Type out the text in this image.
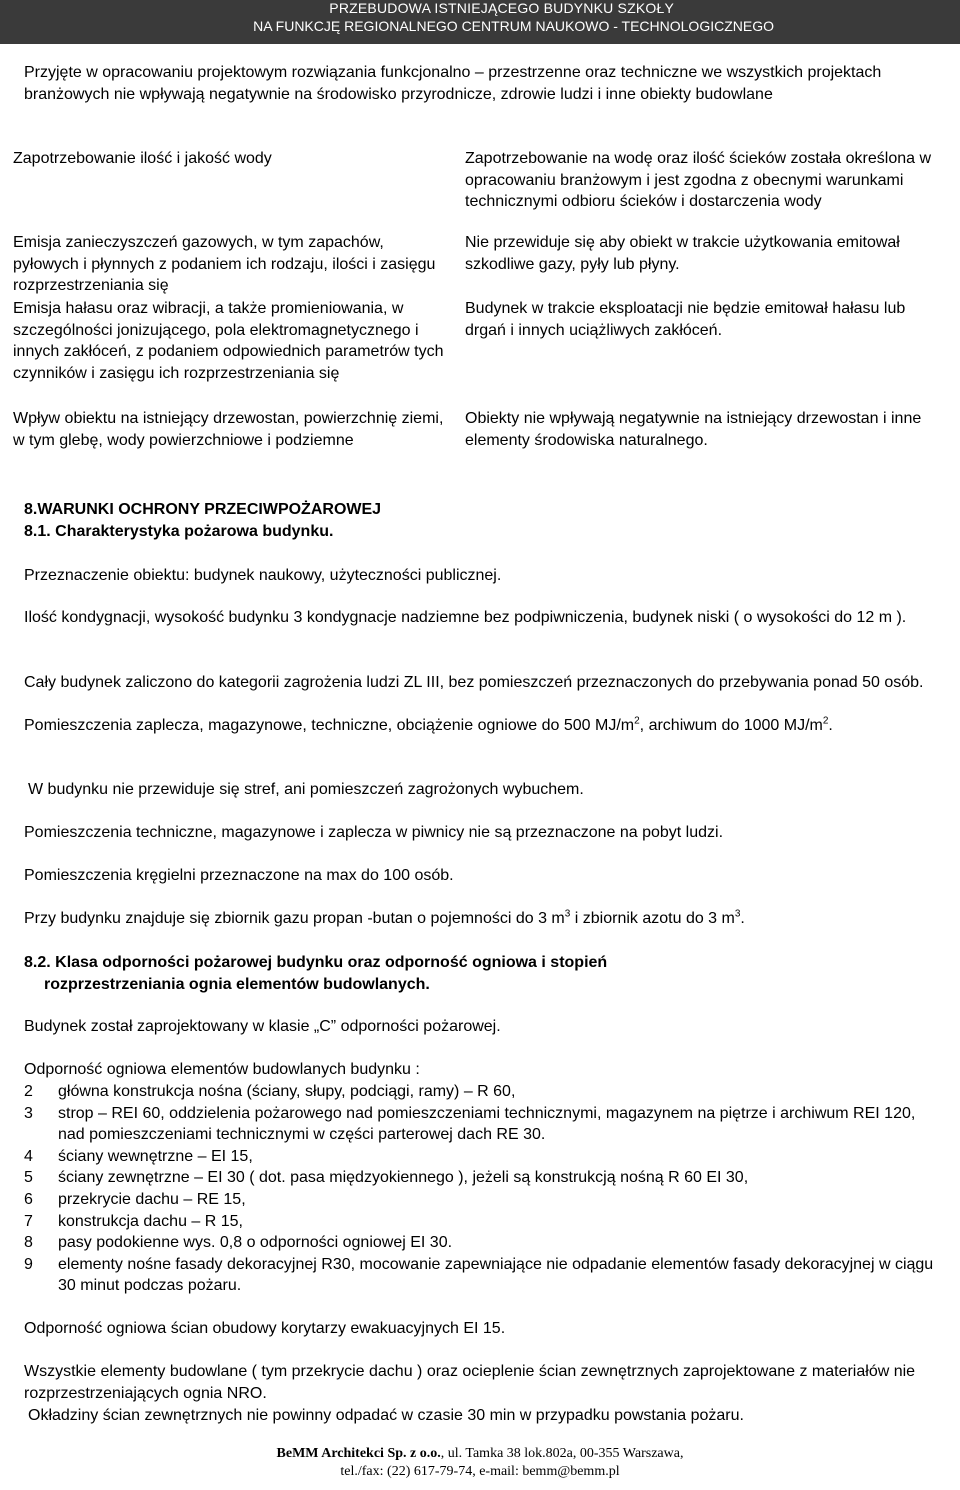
PRZEBUDOWA ISTNIEJĄCEGO BUDYNKU SZKOŁY
NA FUNKCJĘ REGIONALNEGO CENTRUM NAUKOWO - TECHNOLOGICZNEGO

Przyjęte w opracowaniu projektowym rozwiązania funkcjonalno – przestrzenne oraz techniczne we wszystkich projektach branżowych nie wpływają negatywnie na środowisko przyrodnicze, zdrowie ludzi i inne obiekty budowlane

Zapotrzebowanie ilość i jakość wody	Zapotrzebowanie na wodę oraz ilość ścieków została określona w opracowaniu branżowym i jest zgodna z obecnymi warunkami technicznymi odbioru ścieków i dostarczenia wody
Emisja zanieczyszczeń gazowych, w tym zapachów, pyłowych i płynnych z podaniem ich rodzaju, ilości i zasięgu rozprzestrzeniania się	Nie przewiduje się aby obiekt w trakcie użytkowania emitował szkodliwe gazy, pyły lub płyny.
Emisja hałasu oraz wibracji, a także promieniowania, w szczególności jonizującego, pola elektromagnetycznego i innych zakłóceń, z podaniem odpowiednich parametrów tych czynników i zasięgu ich rozprzestrzeniania się	Budynek w trakcie eksploatacji nie będzie emitował hałasu lub drgań i innych uciążliwych zakłóceń.
Wpływ obiektu na istniejący drzewostan, powierzchnię ziemi, w tym glebę, wody powierzchniowe i podziemne	Obiekty nie wpływają negatywnie na istniejący drzewostan i inne elementy środowiska naturalnego.
8.WARUNKI OCHRONY PRZECIWPOŻAROWEJ
8.1. Charakterystyka pożarowa budynku.

Przeznaczenie obiektu: budynek naukowy, użyteczności publicznej.

Ilość kondygnacji, wysokość budynku 3 kondygnacje nadziemne bez podpiwniczenia, budynek niski ( o wysokości do 12 m ).

Cały budynek zaliczono do kategorii zagrożenia ludzi ZL III, bez pomieszczeń przeznaczonych do przebywania ponad 50 osób.

Pomieszczenia zaplecza, magazynowe, techniczne, obciążenie ogniowe do 500 $MJ/m^2$, archiwum do 1000 $MJ/m^2$.

W budynku nie przewiduje się stref, ani pomieszczeń zagrożonych wybuchem.

Pomieszczenia techniczne, magazynowe i zaplecza w piwnicy nie są przeznaczone na pobyt ludzi.

Pomieszczenia kręgielni przeznaczone na max do 100 osób.

Przy budynku znajduje się zbiornik gazu propan -butan o pojemności do 3 $m^3$ i zbiornik azotu do 3 $m^3$.

8.2. Klasa odporności pożarowej budynku oraz odporność ogniowa i stopień
rozprzestrzeniania ognia elementów budowlanych.

Budynek został zaprojektowany w klasie „C” odporności pożarowej.

Odporność ogniowa elementów budowlanych budynku :

2 główna konstrukcja nośna (ściany, słupy, podciągi, ramy) – R 60,
3 strop – REI 60, oddzielenia pożarowego nad pomieszczeniami technicznymi, magazynem na piętrze i archiwum REI 120, nad pomieszczeniami technicznymi w części parterowej dach RE 30.
4 ściany wewnętrzne – EI 15,
5 ściany zewnętrzne – EI 30 ( dot. pasa międzyokiennego ), jeżeli są konstrukcją nośną R 60 EI 30,
6 przekrycie dachu – RE 15,
7 konstrukcja dachu – R 15,
8 pasy podokienne wys. 0,8 o odporności ogniowej EI 30.
9 elementy nośne fasady dekoracyjnej R30, mocowanie zapewniające nie odpadanie elementów fasady dekoracyjnej w ciągu 30 minut podczas pożaru.

Odporność ogniowa ścian obudowy korytarzy ewakuacyjnych EI 15.

Wszystkie elementy budowlane ( tym przekrycie dachu ) oraz ocieplenie ścian zewnętrznych zaprojektowane z materiałów nie rozprzestrzeniających ognia NRO.

Okładziny ścian zewnętrznych nie powinny odpadać w czasie 30 min w przypadku powstania pożaru.

BeMM Architekci Sp. z o.o., ul. Tamka 38 lok.802a, 00-355 Warszawa,
tel./fax: (22) 617-79-74, e-mail: bemm@bemm.pl
